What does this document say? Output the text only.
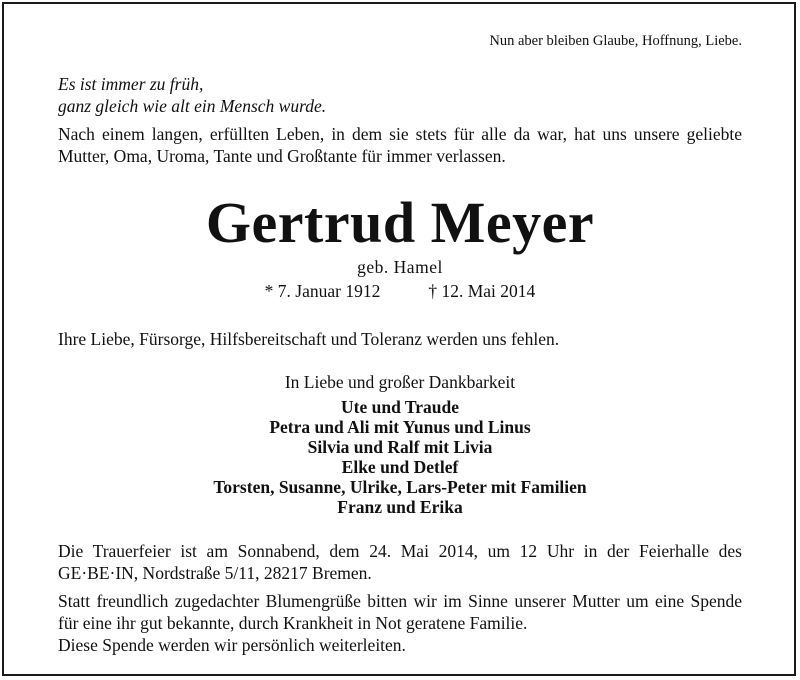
Nun aber bleiben Glaube, Hoffnung, Liebe.
Es ist immer zu früh,
ganz gleich wie alt ein Mensch wurde.
Nach einem langen, erfüllten Leben, in dem sie stets für alle da war, hat uns unsere geliebte Mutter, Oma, Uroma, Tante und Großtante für immer verlassen.
Gertrud Meyer
geb. Hamel
* 7. Januar 1912	† 12. Mai 2014
Ihre Liebe, Fürsorge, Hilfsbereitschaft und Toleranz werden uns fehlen.
In Liebe und großer Dankbarkeit
Ute und Traude
Petra und Ali mit Yunus und Linus
Silvia und Ralf mit Livia
Elke und Detlef
Torsten, Susanne, Ulrike, Lars-Peter mit Familien
Franz und Erika
Die Trauerfeier ist am Sonnabend, dem 24. Mai 2014, um 12 Uhr in der Feierhalle des GE·BE·IN, Nordstraße 5/11, 28217 Bremen.
Statt freundlich zugedachter Blumengrüße bitten wir im Sinne unserer Mutter um eine Spende für eine ihr gut bekannte, durch Krankheit in Not geratene Familie.
Diese Spende werden wir persönlich weiterleiten.
